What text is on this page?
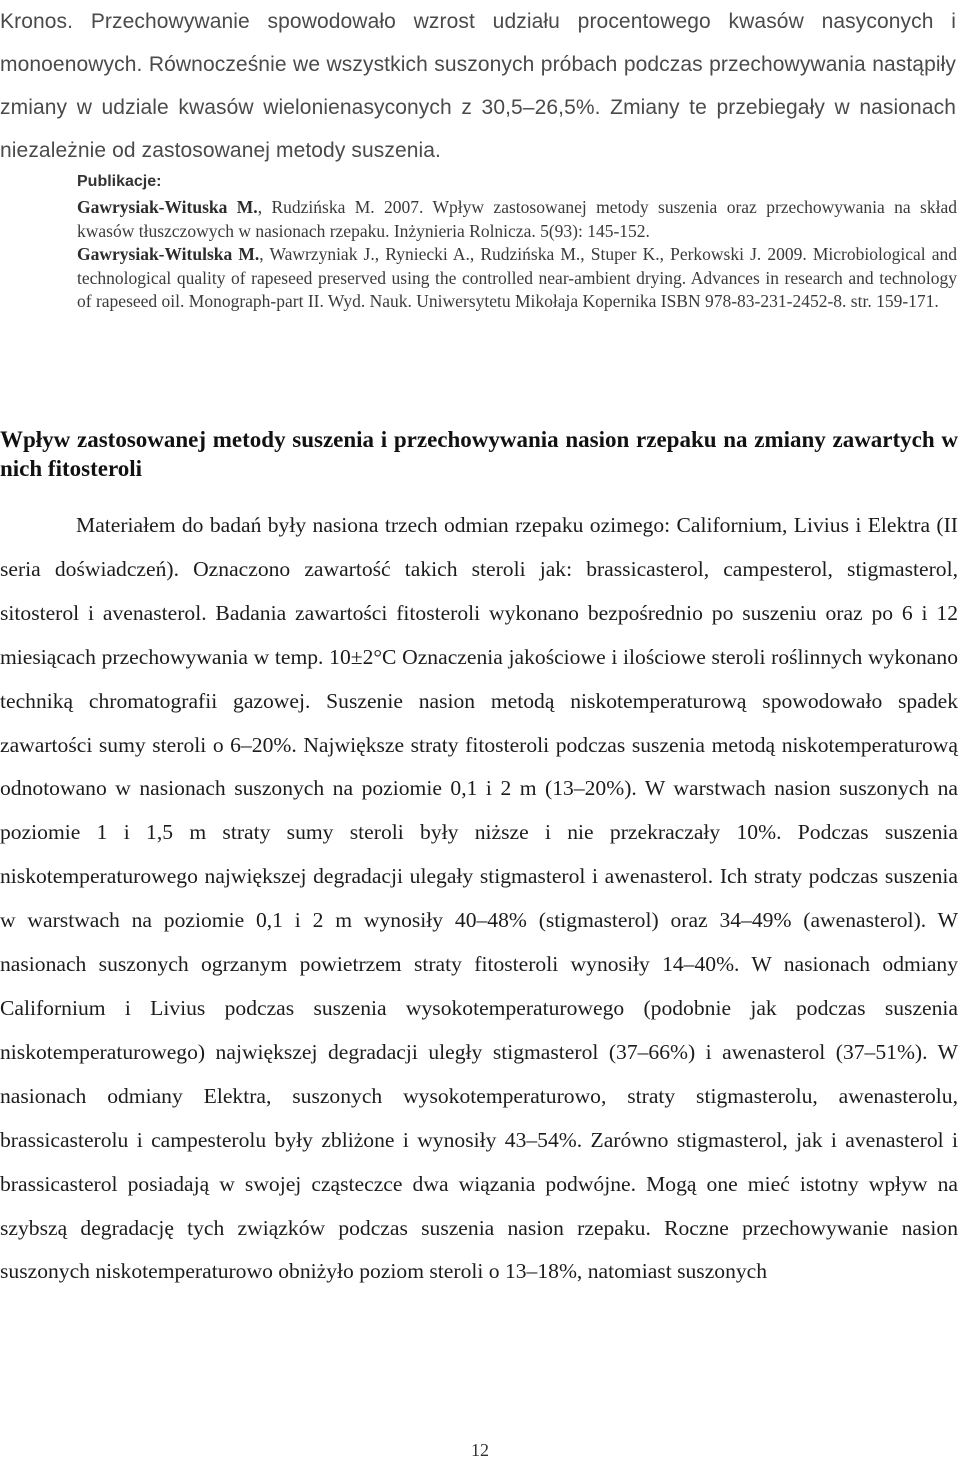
Kronos. Przechowywanie spowodowało wzrost udziału procentowego kwasów nasyconych i monoenowych. Równocześnie we wszystkich suszonych próbach podczas przechowywania nastąpiły zmiany w udziale kwasów wielonienasyconych z 30,5–26,5%. Zmiany te przebiegały w nasionach niezależnie od zastosowanej metody suszenia.

Publikacje:

Gawrysiak-Wituska M., Rudzińska M. 2007. Wpływ zastosowanej metody suszenia oraz przechowywania na skład kwasów tłuszczowych w nasionach rzepaku. Inżynieria Rolnicza. 5(93): 145-152.

Gawrysiak-Witulska M., Wawrzyniak J., Ryniecki A., Rudzińska M., Stuper K., Perkowski J. 2009. Microbiological and technological quality of rapeseed preserved using the controlled near-ambient drying. Advances in research and technology of rapeseed oil. Monograph-part II. Wyd. Nauk. Uniwersytetu Mikołaja Kopernika ISBN 978-83-231-2452-8. str. 159-171.

Wpływ zastosowanej metody suszenia i przechowywania nasion rzepaku na zmiany zawartych w nich fitosteroli

Materiałem do badań były nasiona trzech odmian rzepaku ozimego: Californium, Livius i Elektra (II seria doświadczeń). Oznaczono zawartość takich steroli jak: brassicasterol, campesterol, stigmasterol, sitosterol i avenasterol. Badania zawartości fitosteroli wykonano bezpośrednio po suszeniu oraz po 6 i 12 miesiącach przechowywania w temp. 10±2°C Oznaczenia jakościowe i ilościowe steroli roślinnych wykonano techniką chromatografii gazowej. Suszenie nasion metodą niskotemperaturową spowodowało spadek zawartości sumy steroli o 6–20%. Największe straty fitosteroli podczas suszenia metodą niskotemperaturową odnotowano w nasionach suszonych na poziomie 0,1 i 2 m (13–20%). W warstwach nasion suszonych na poziomie 1 i 1,5 m straty sumy steroli były niższe i nie przekraczały 10%. Podczas suszenia niskotemperaturowego największej degradacji ulegały stigmasterol i awenasterol. Ich straty podczas suszenia w warstwach na poziomie 0,1 i 2 m wynosiły 40–48% (stigmasterol) oraz 34–49% (awenasterol). W nasionach suszonych ogrzanym powietrzem straty fitosteroli wynosiły 14–40%. W nasionach odmiany Californium i Livius podczas suszenia wysokotemperaturowego (podobnie jak podczas suszenia niskotemperaturowego) największej degradacji uległy stigmasterol (37–66%) i awenasterol (37–51%). W nasionach odmiany Elektra, suszonych wysokotemperaturowo, straty stigmasterolu, awenasterolu, brassicasterolu i campesterolu były zbliżone i wynosiły 43–54%. Zarówno stigmasterol, jak i avenasterol i brassicasterol posiadają w swojej cząsteczce dwa wiązania podwójne. Mogą one mieć istotny wpływ na szybszą degradację tych związków podczas suszenia nasion rzepaku. Roczne przechowywanie nasion suszonych niskotemperaturowo obniżyło poziom steroli o 13–18%, natomiast suszonych

12
